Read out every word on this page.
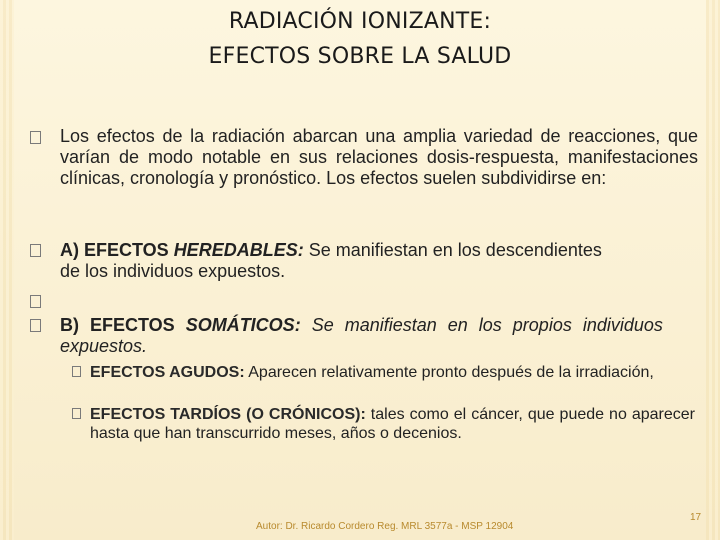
RADIACIÓN IONIZANTE:
EFECTOS SOBRE LA SALUD
Los efectos de la radiación abarcan una amplia variedad de reacciones, que varían de modo notable en sus relaciones dosis-respuesta, manifestaciones clínicas, cronología y pronóstico. Los efectos suelen subdividirse en:
A) EFECTOS HEREDABLES: Se manifiestan en los descendientes de los individuos expuestos.
B) EFECTOS SOMÁTICOS: Se manifiestan en los propios individuos expuestos.
EFECTOS AGUDOS: Aparecen relativamente pronto después de la irradiación,
EFECTOS TARDÍOS (O CRÓNICOS): tales como el cáncer, que puede no aparecer hasta que han transcurrido meses, años o decenios.
Autor: Dr. Ricardo Cordero Reg. MRL 3577a - MSP 12904
17
